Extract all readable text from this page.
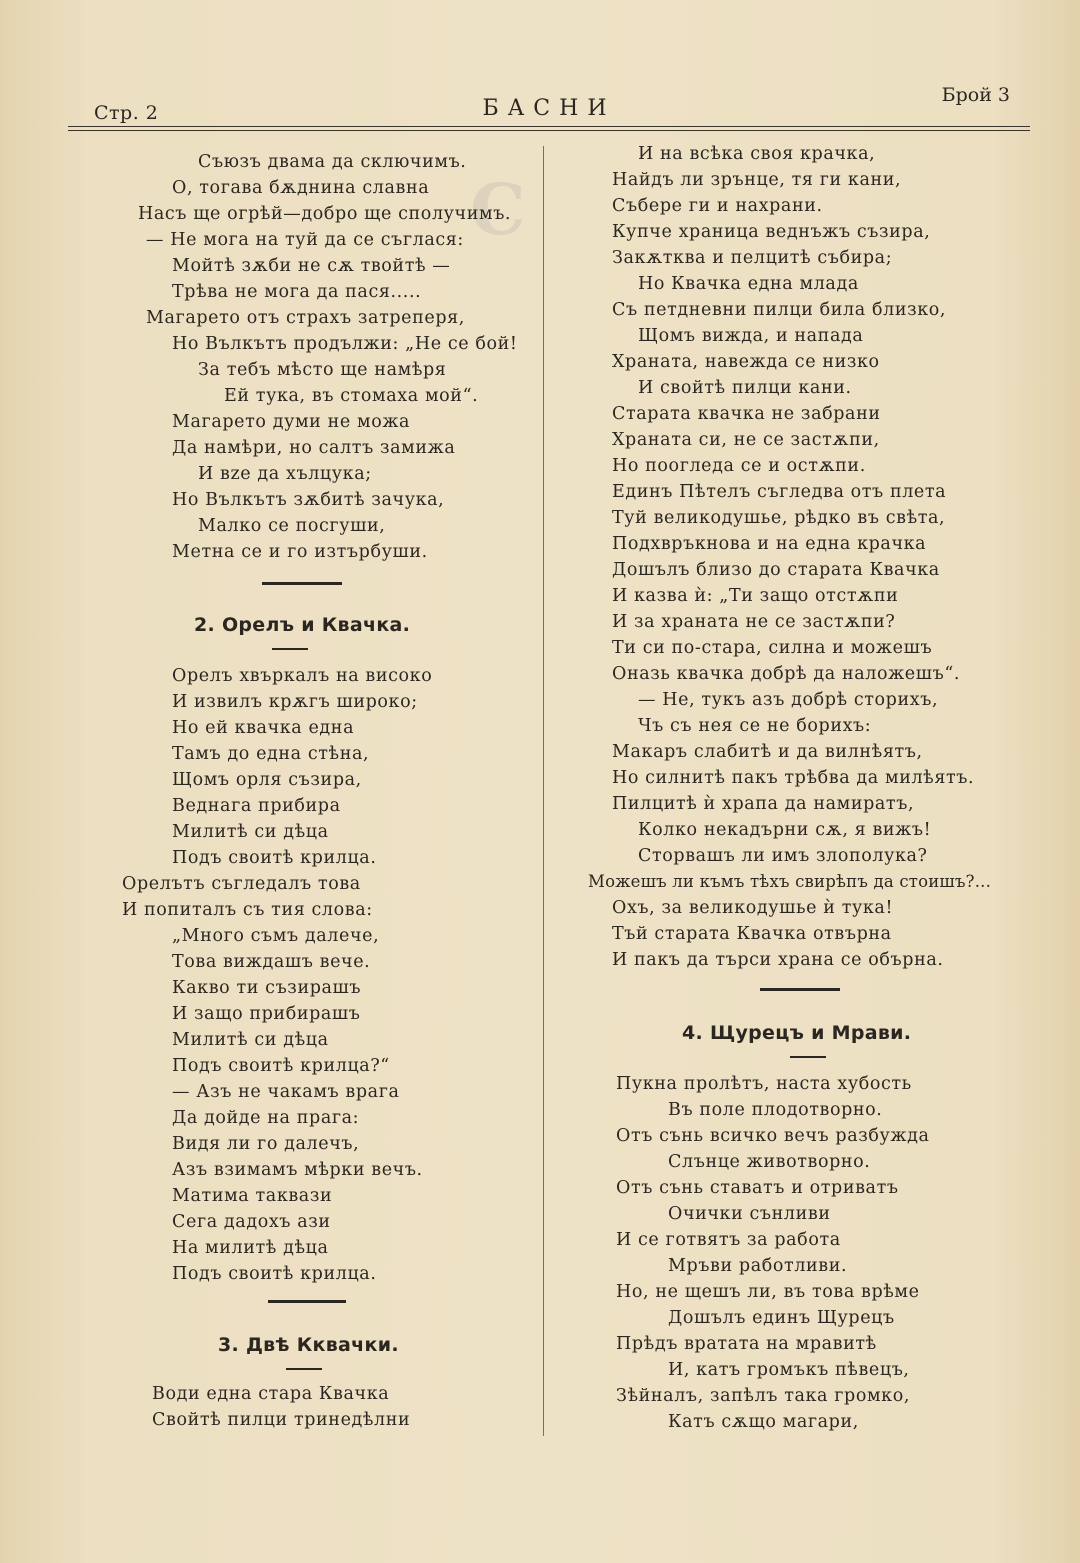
С
Стр. 2	БАСНИ
Брой 3
Съюзъ двама да сключимъ.
О, тогава бѫднина славна
Насъ ще огрѣй—добро ще сполучимъ.
— Не мога на туй да се съглася:
Мойтѣ зѫби не сѫ твойтѣ —
Трѣва не мога да пася.....
Магарето отъ страхъ затреперя,
Но Вълкътъ продължи: „Не се бой!
За тебъ мѣсто ще намѣря
Ей тука, въ стомаха мой“.
Магарето думи не можа
Да намѣри, но салтъ замижа
И вze да хълцука;
Но Вълкътъ зѫбитѣ зачука,
Малко се посгуши,
Метна се и го изтърбуши.
2. Орелъ и Квачка.
Орелъ хвъркалъ на високо
И извилъ крѫгъ широко;
Но ей квачка една
Тамъ до една стѣна,
Щомъ орля съзира,
Веднага прибира
Милитѣ си дѣца
Подъ своитѣ крилца.
Орелътъ съгледалъ това
И попиталъ съ тия слова:
„Много съмъ далече,
Това виждашъ вече.
Какво ти съзирашъ
И защо прибирашъ
Милитѣ си дѣца
Подъ своитѣ крилца?“
— Азъ не чакамъ врага
Да дойде на прага:
Видя ли го далечъ,
Азъ взимамъ мѣрки вечъ.
Матима таквази
Сега дадохъ ази
На милитѣ дѣца
Подъ своитѣ крилца.
3. Двѣ Кквачки.
Води една стара Квачка
Свойтѣ пилци тринедѣлни
И на всѣка своя крачка,
Найдъ ли зрънце, тя ги кани,
Събере ги и нахрани.
Купче храница веднъжъ съзира,
Закѫтква и пелцитѣ събира;
Но Квачка една млада
Съ петдневни пилци била близко,
Щомъ вижда, и напада
Храната, навежда се низко
И свойтѣ пилци кани.
Старата квачка не забрани
Храната си, не се застѫпи,
Но поогледа се и остѫпи.
Единъ Пѣтелъ съгледва отъ плета
Туй великодушье, рѣдко въ свѣта,
Подхвръкнова и на една крачка
Дошълъ близо до старата Квачка
И казва ѝ: „Ти защо отстѫпи
И за храната не се застѫпи?
Ти си по-стара, силна и можешъ
Оназь квачка добрѣ да наложешъ“.
— Не, тукъ азъ добрѣ сторихъ,
Чъ съ нея се не борихъ:
Макаръ слабитѣ и да вилнѣятъ,
Но силнитѣ пакъ трѣбва да милѣятъ.
Пилцитѣ ѝ храпа да намиратъ,
Колко некадърни сѫ, я вижъ!
Сторвашъ ли имъ злополука?
Можешъ ли къмъ тѣхъ свирѣпъ да стоишъ?...
Охъ, за великодушье ѝ тука!
Тъй старата Квачка отвърна
И пакъ да търси храна се обърна.
4. Щурецъ и Мрави.
Пукна пролѣтъ, наста хубость
Въ поле плодотворно.
Отъ сънь всичко вечъ разбужда
Слънце животворно.
Отъ сънь ставатъ и отриватъ
Очички сънливи
И се готвятъ за работа
Мръви работливи.
Но, не щешъ ли, въ това врѣме
Дошълъ единъ Щурецъ
Прѣдъ вратата на мравитѣ
И, катъ громъкъ пѣвецъ,
Зѣйналъ, запѣлъ така громко,
Катъ сѫщо магари,
